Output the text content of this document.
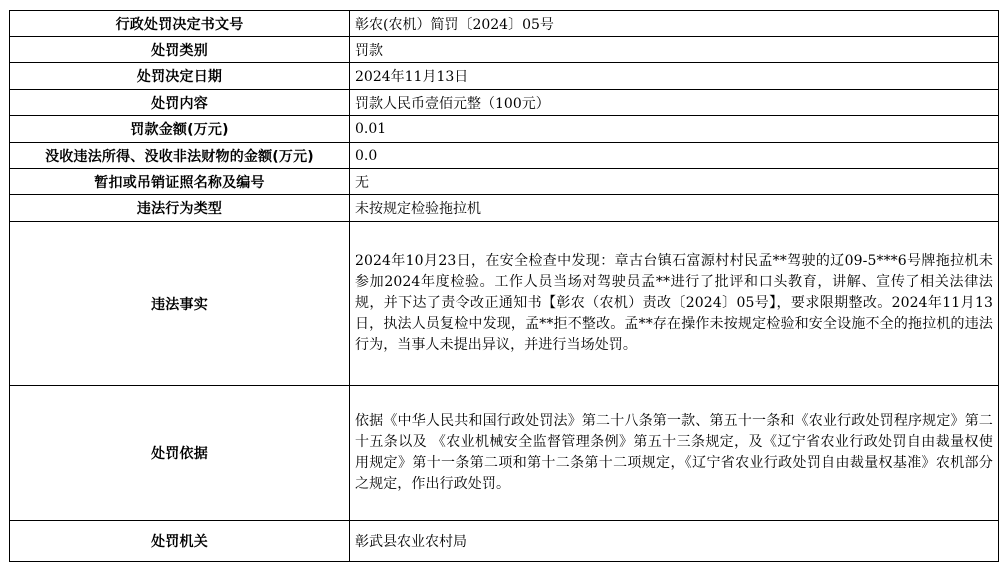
行政处罚决定书文号	彰农(农机）简罚〔2024〕05号
处罚类别	罚款
处罚决定日期	2024年11月13日
处罚内容	罚款人民币壹佰元整（100元）
罚款金额(万元)	0.01
没收违法所得、没收非法财物的金额(万元)	0.0
暂扣或吊销证照名称及编号	无
违法行为类型	未按规定检验拖拉机
违法事实	2024年10月23日，在安全检查中发现：章古台镇石富源村村民孟**驾驶的辽09-5***6号牌拖拉机未参加2024年度检验。工作人员当场对驾驶员孟**进行了批评和口头教育，讲解、宣传了相关法律法规，并下达了责令改正通知书【彰农（农机）责改〔2024〕05号】，要求限期整改。2024年11月13日，执法人员复检中发现，孟**拒不整改。孟**存在操作未按规定检验和安全设施不全的拖拉机的违法行为，当事人未提出异议，并进行当场处罚。
处罚依据	依据《中华人民共和国行政处罚法》第二十八条第一款、第五十一条和《农业行政处罚程序规定》第二十五条以及 《农业机械安全监督管理条例》第五十三条规定，及《辽宁省农业行政处罚自由裁量权使用规定》第十一条第二项和第十二条第十二项规定，《辽宁省农业行政处罚自由裁量权基准》农机部分之规定，作出行政处罚。
处罚机关	彰武县农业农村局
